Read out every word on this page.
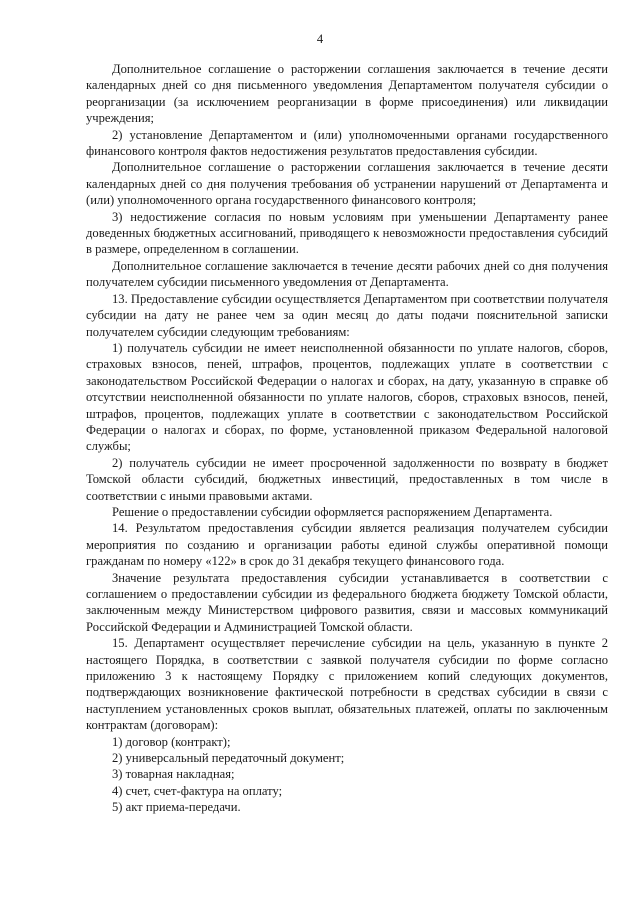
4

Дополнительное соглашение о расторжении соглашения заключается в течение десяти календарных дней со дня письменного уведомления Департаментом получателя субсидии о реорганизации (за исключением реорганизации в форме присоединения) или ликвидации учреждения;

2) установление Департаментом и (или) уполномоченными органами государственного финансового контроля фактов недостижения результатов предоставления субсидии.

Дополнительное соглашение о расторжении соглашения заключается в течение десяти календарных дней со дня получения требования об устранении нарушений от Департамента и (или) уполномоченного органа государственного финансового контроля;

3) недостижение согласия по новым условиям при уменьшении Департаменту ранее доведенных бюджетных ассигнований, приводящего к невозможности предоставления субсидий в размере, определенном в соглашении.

Дополнительное соглашение заключается в течение десяти рабочих дней со дня получения получателем субсидии письменного уведомления от Департамента.

13. Предоставление субсидии осуществляется Департаментом при соответствии получателя субсидии на дату не ранее чем за один месяц до даты подачи пояснительной записки получателем субсидии следующим требованиям:

1) получатель субсидии не имеет неисполненной обязанности по уплате налогов, сборов, страховых взносов, пеней, штрафов, процентов, подлежащих уплате в соответствии с законодательством Российской Федерации о налогах и сборах, на дату, указанную в справке об отсутствии неисполненной обязанности по уплате налогов, сборов, страховых взносов, пеней, штрафов, процентов, подлежащих уплате в соответствии с законодательством Российской Федерации о налогах и сборах, по форме, установленной приказом Федеральной налоговой службы;

2) получатель субсидии не имеет просроченной задолженности по возврату в бюджет Томской области субсидий, бюджетных инвестиций, предоставленных в том числе в соответствии с иными правовыми актами.

Решение о предоставлении субсидии оформляется распоряжением Департамента.

14. Результатом предоставления субсидии является реализация получателем субсидии мероприятия по созданию и организации работы единой службы оперативной помощи гражданам по номеру «122» в срок до 31 декабря текущего финансового года.

Значение результата предоставления субсидии устанавливается в соответствии с соглашением о предоставлении субсидии из федерального бюджета бюджету Томской области, заключенным между Министерством цифрового развития, связи и массовых коммуникаций Российской Федерации и Администрацией Томской области.

15. Департамент осуществляет перечисление субсидии на цель, указанную в пункте 2 настоящего Порядка, в соответствии с заявкой получателя субсидии по форме согласно приложению 3 к настоящему Порядку с приложением копий следующих документов, подтверждающих возникновение фактической потребности в средствах субсидии в связи с наступлением установленных сроков выплат, обязательных платежей, оплаты по заключенным контрактам (договорам):

1) договор (контракт);

2) универсальный передаточный документ;

3) товарная накладная;

4) счет, счет-фактура на оплату;

5) акт приема-передачи.
